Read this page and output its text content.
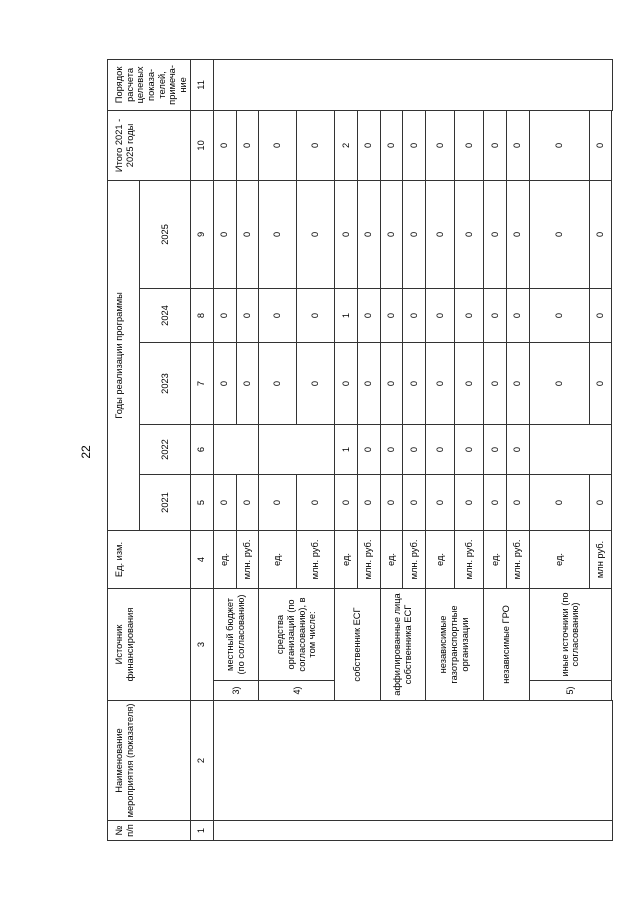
22
№ п/п	Наименование мероприятия (показателя)	Источник финансирования		Ед. изм.	Годы реализации программы					Итого 2021 - 2025 годы	Порядок расчета целевых показа-телей, примеча-ние
					2021	2022	2023	2024	2025		
1	2	3		4	5	6	7	8	9	10	11
		3)	местный бюджет (по согласованию)	ед.	0		0	0	0	0	
				млн. руб.	0		0	0	0	0	
		4)	средства организаций (по согласованию), в том числе:	ед.	0		0	0	0	0	
				млн. руб.	0		0	0	0	0	
		собственник ЕСГ		ед.	0	1	0	1	0	2	
				млн. руб.	0	0	0	0	0	0	
		аффилированные лица собственника ЕСГ		ед.	0	0	0	0	0	0	
				млн. руб.	0	0	0	0	0	0	
		независимые газотранспортные организации		ед.	0	0	0	0	0	0	
				млн. руб.	0	0	0	0	0	0	
		независимые ГРО		ед.	0	0	0	0	0	0	
				млн. руб.	0	0	0	0	0	0	
		5)	иные источники (по согласованию)	ед.	0		0	0	0	0	
				млн руб.	0		0	0	0	0	
